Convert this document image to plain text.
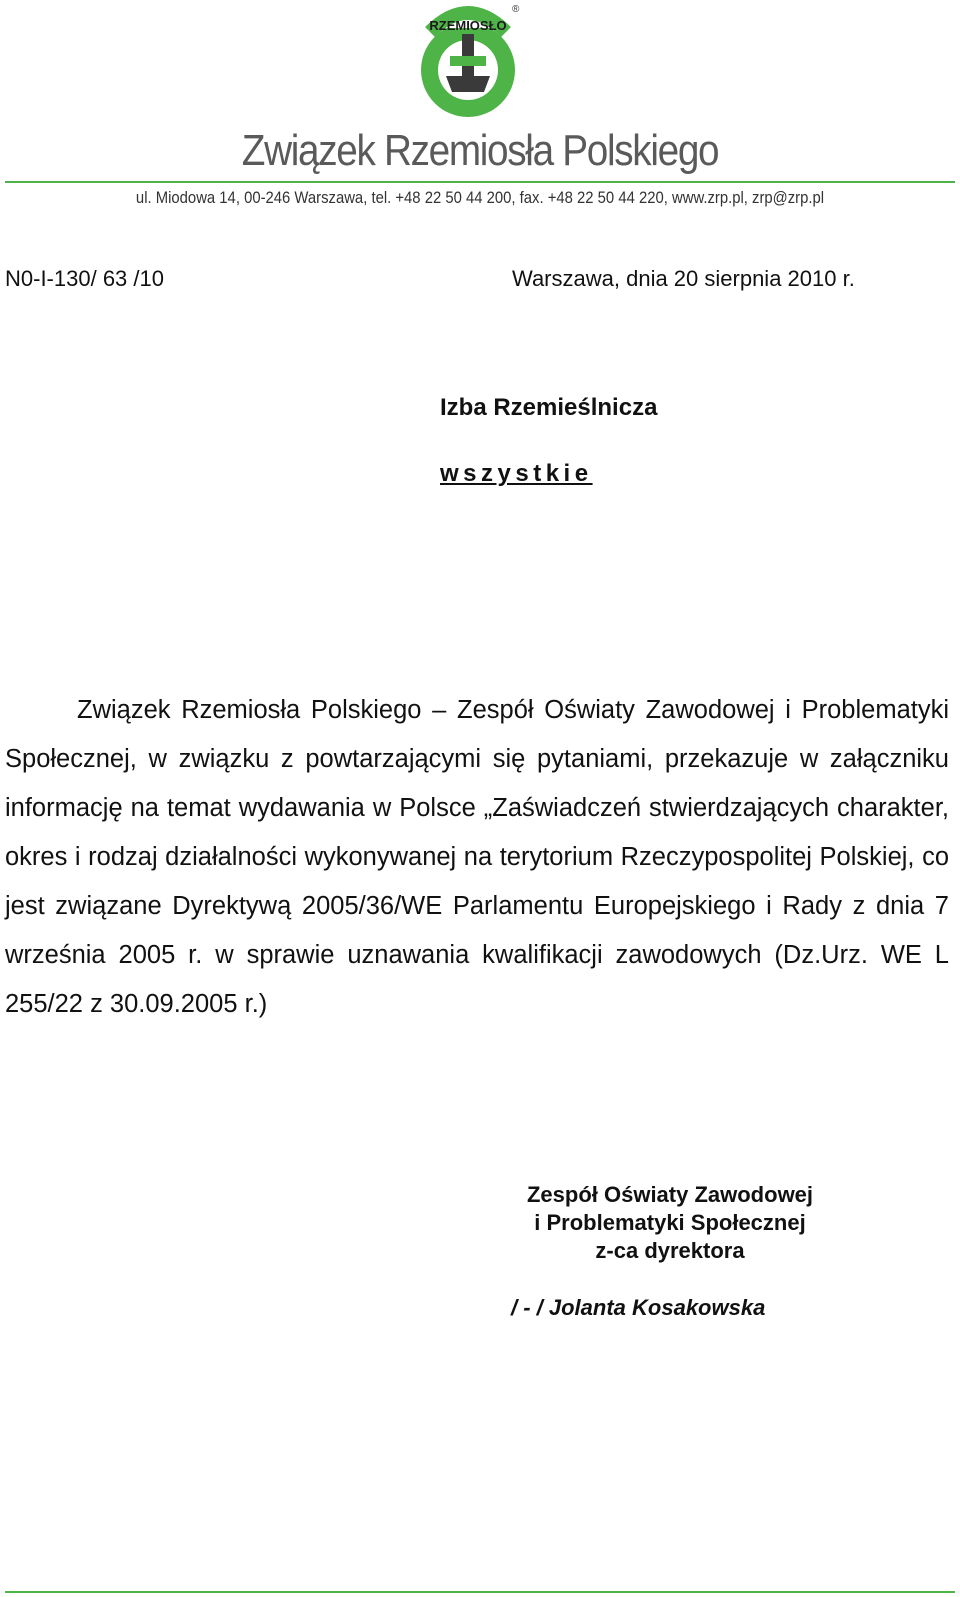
®
RZEMIOSŁO
Związek Rzemiosła Polskiego
ul. Miodowa 14, 00-246 Warszawa, tel. +48 22 50 44 200, fax. +48 22 50 44 220, www.zrp.pl, zrp@zrp.pl
N0-I-130/ 63 /10	Warszawa, dnia 20 sierpnia 2010 r.
Izba Rzemieślnicza
wszystkie

Związek Rzemiosła Polskiego – Zespół Oświaty Zawodowej i Problematyki Społecznej, w związku z powtarzającymi się pytaniami, przekazuje w załączniku informację na temat wydawania w Polsce „Zaświadczeń stwierdzających charakter, okres i rodzaj działalności wykonywanej na terytorium Rzeczypospolitej Polskiej, co jest związane Dyrektywą 2005/36/WE Parlamentu Europejskiego i Rady z dnia 7 września 2005 r. w sprawie uznawania kwalifikacji zawodowych (Dz.Urz. WE L 255/22 z 30.09.2005 r.)

Zespół Oświaty Zawodowej
i Problematyki Społecznej
z-ca dyrektora
/ - / Jolanta Kosakowska
